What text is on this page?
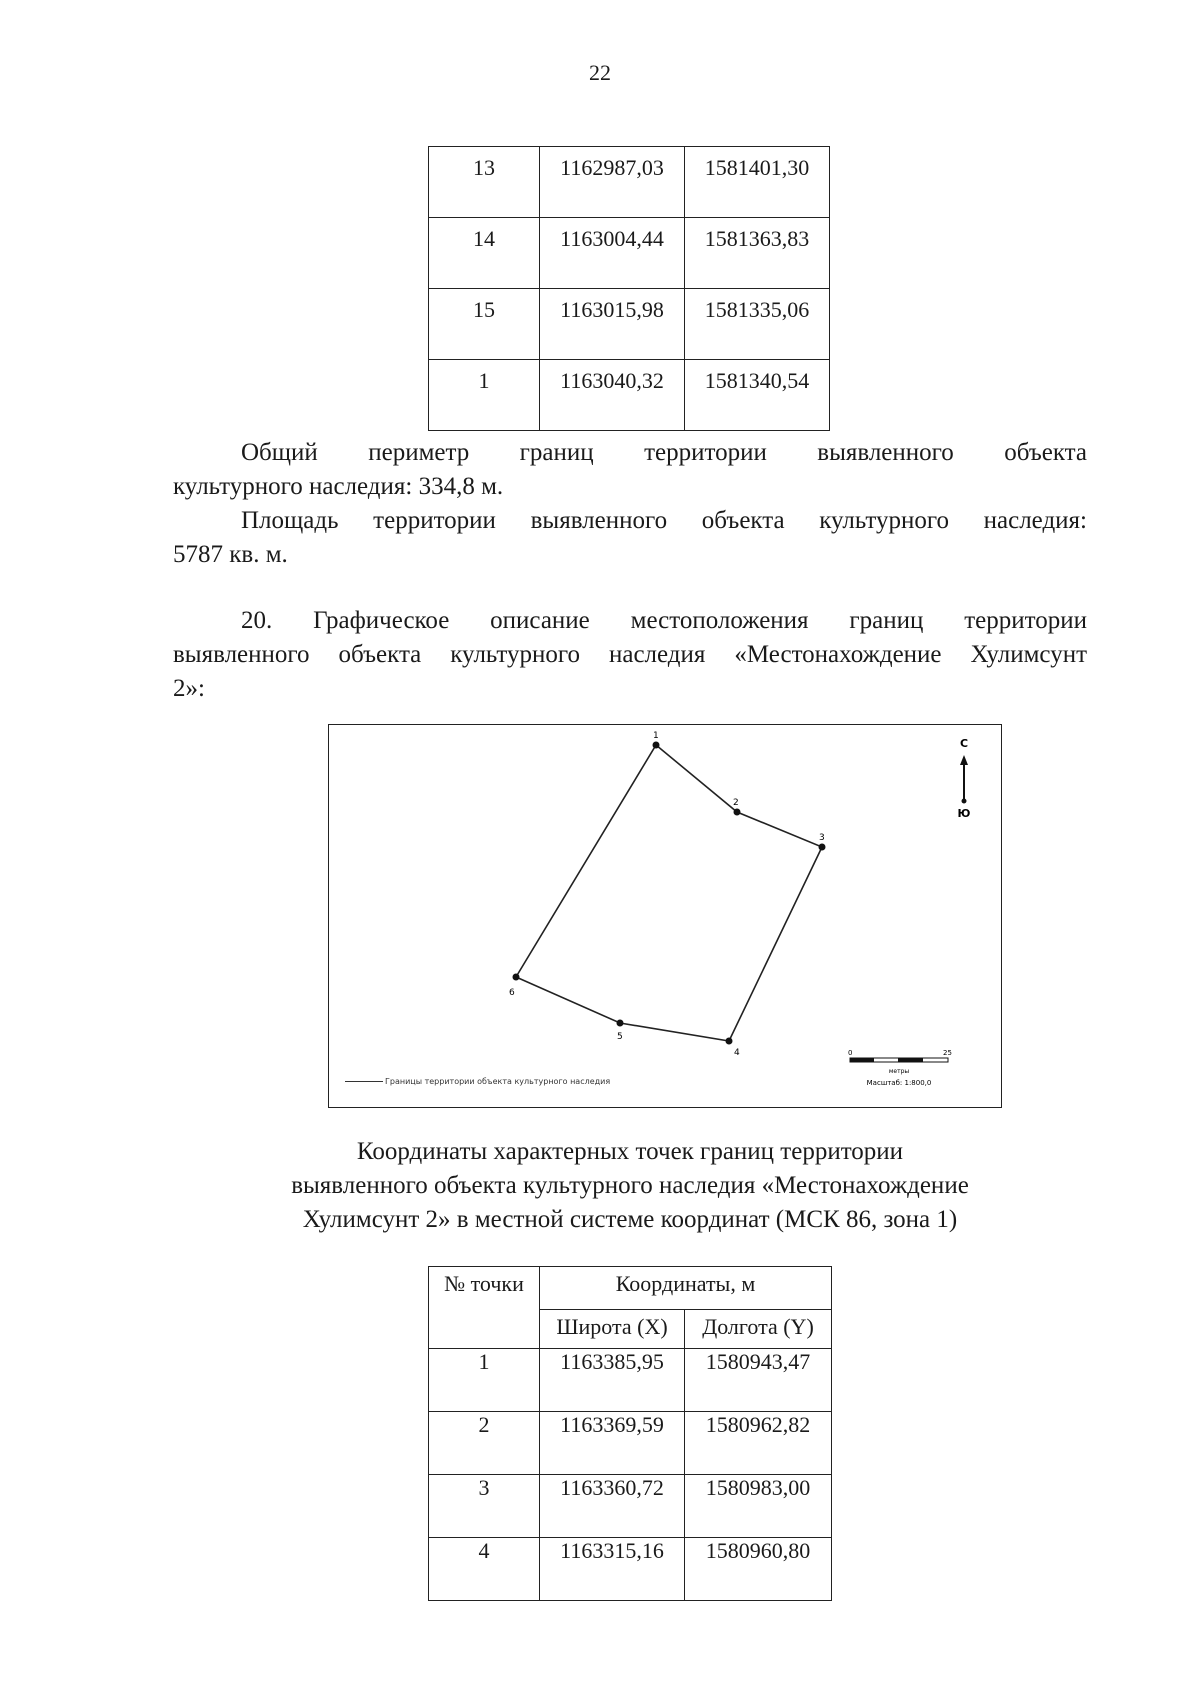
22
13	1162987,03	1581401,30
14	1163004,44	1581363,83
15	1163015,98	1581335,06
1	1163040,32	1581340,54
Общий периметр границ территории выявленного объекта
культурного наследия: 334,8 м.
Площадь территории выявленного объекта культурного наследия:
5787 кв. м.
20. Графическое описание местоположения границ территории
выявленного объекта культурного наследия «Местонахождение Хулимсунт
2»:
1
2
3
4
5
6
С
Ю
0	25
метры
Масштаб: 1:800,0
Границы территории объекта культурного наследия
Координаты характерных точек границ территории
выявленного объекта культурного наследия «Местонахождение
Хулимсунт 2» в местной системе координат (МСК 86, зона 1)
№ точки	Координаты, м	
	Широта (X)	Долгота (Y)
1	1163385,95	1580943,47
2	1163369,59	1580962,82
3	1163360,72	1580983,00
4	1163315,16	1580960,80
